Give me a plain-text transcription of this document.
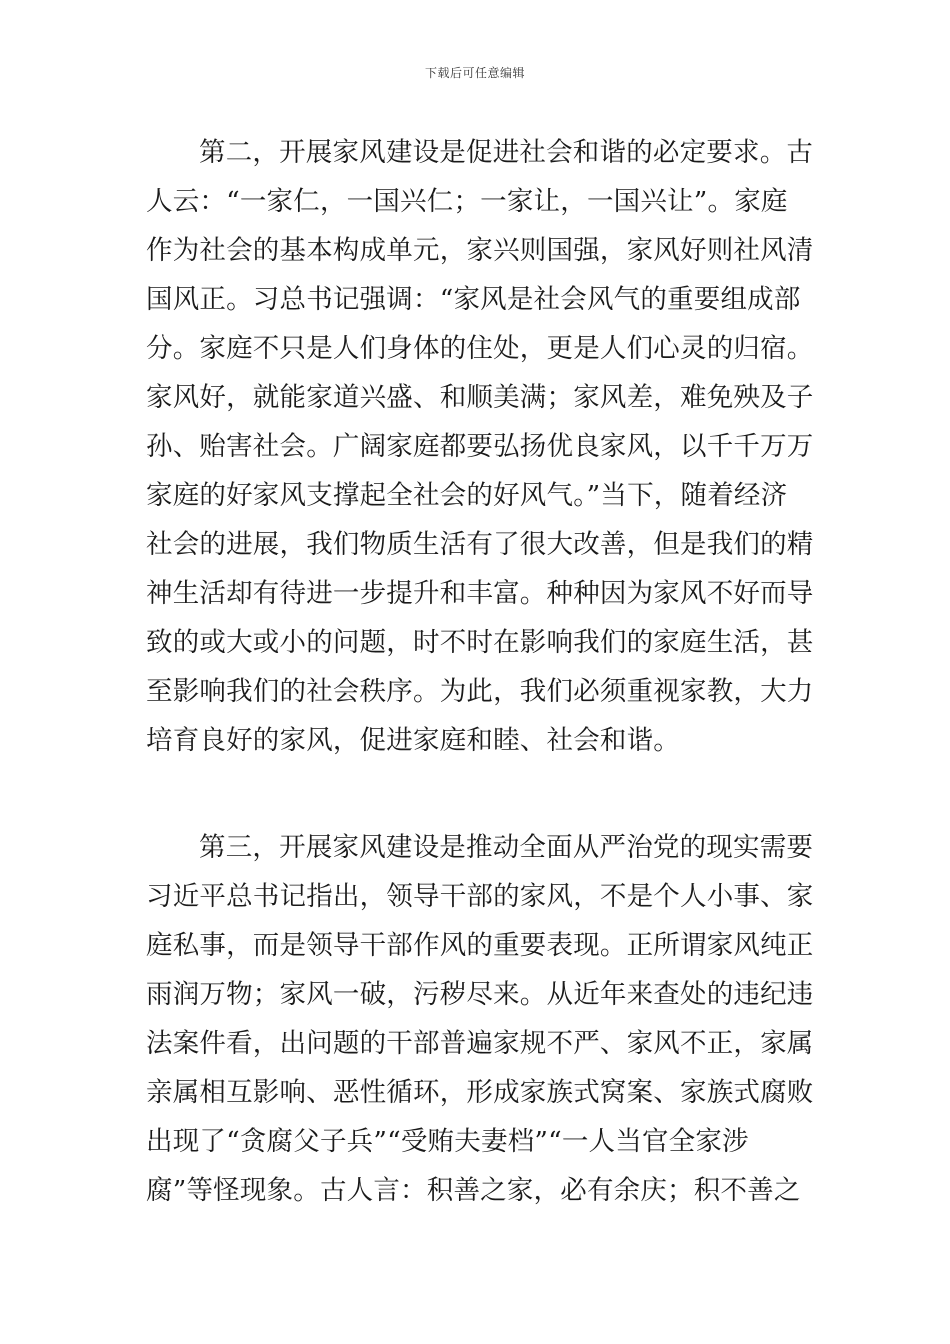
下载后可任意编辑
第二，开展家风建设是促进社会和谐的必定要求。古
人云：“一家仁，一国兴仁；一家让，一国兴让”。家庭
作为社会的基本构成单元，家兴则国强，家风好则社风清
国风正。习总书记强调：“家风是社会风气的重要组成部
分。家庭不只是人们身体的住处，更是人们心灵的归宿。
家风好，就能家道兴盛、和顺美满；家风差，难免殃及子
孙、贻害社会。广阔家庭都要弘扬优良家风，以千千万万
家庭的好家风支撑起全社会的好风气。”当下，随着经济
社会的进展，我们物质生活有了很大改善，但是我们的精
神生活却有待进一步提升和丰富。种种因为家风不好而导
致的或大或小的问题，时不时在影响我们的家庭生活，甚
至影响我们的社会秩序。为此，我们必须重视家教，大力
培育良好的家风，促进家庭和睦、社会和谐。
第三，开展家风建设是推动全面从严治党的现实需要
习近平总书记指出，领导干部的家风，不是个人小事、家
庭私事，而是领导干部作风的重要表现。正所谓家风纯正
雨润万物；家风一破，污秽尽来。从近年来查处的违纪违
法案件看，出问题的干部普遍家规不严、家风不正，家属
亲属相互影响、恶性循环，形成家族式窝案、家族式腐败
出现了“贪腐父子兵”“受贿夫妻档”“一人当官全家涉
腐”等怪现象。古人言：积善之家，必有余庆；积不善之
